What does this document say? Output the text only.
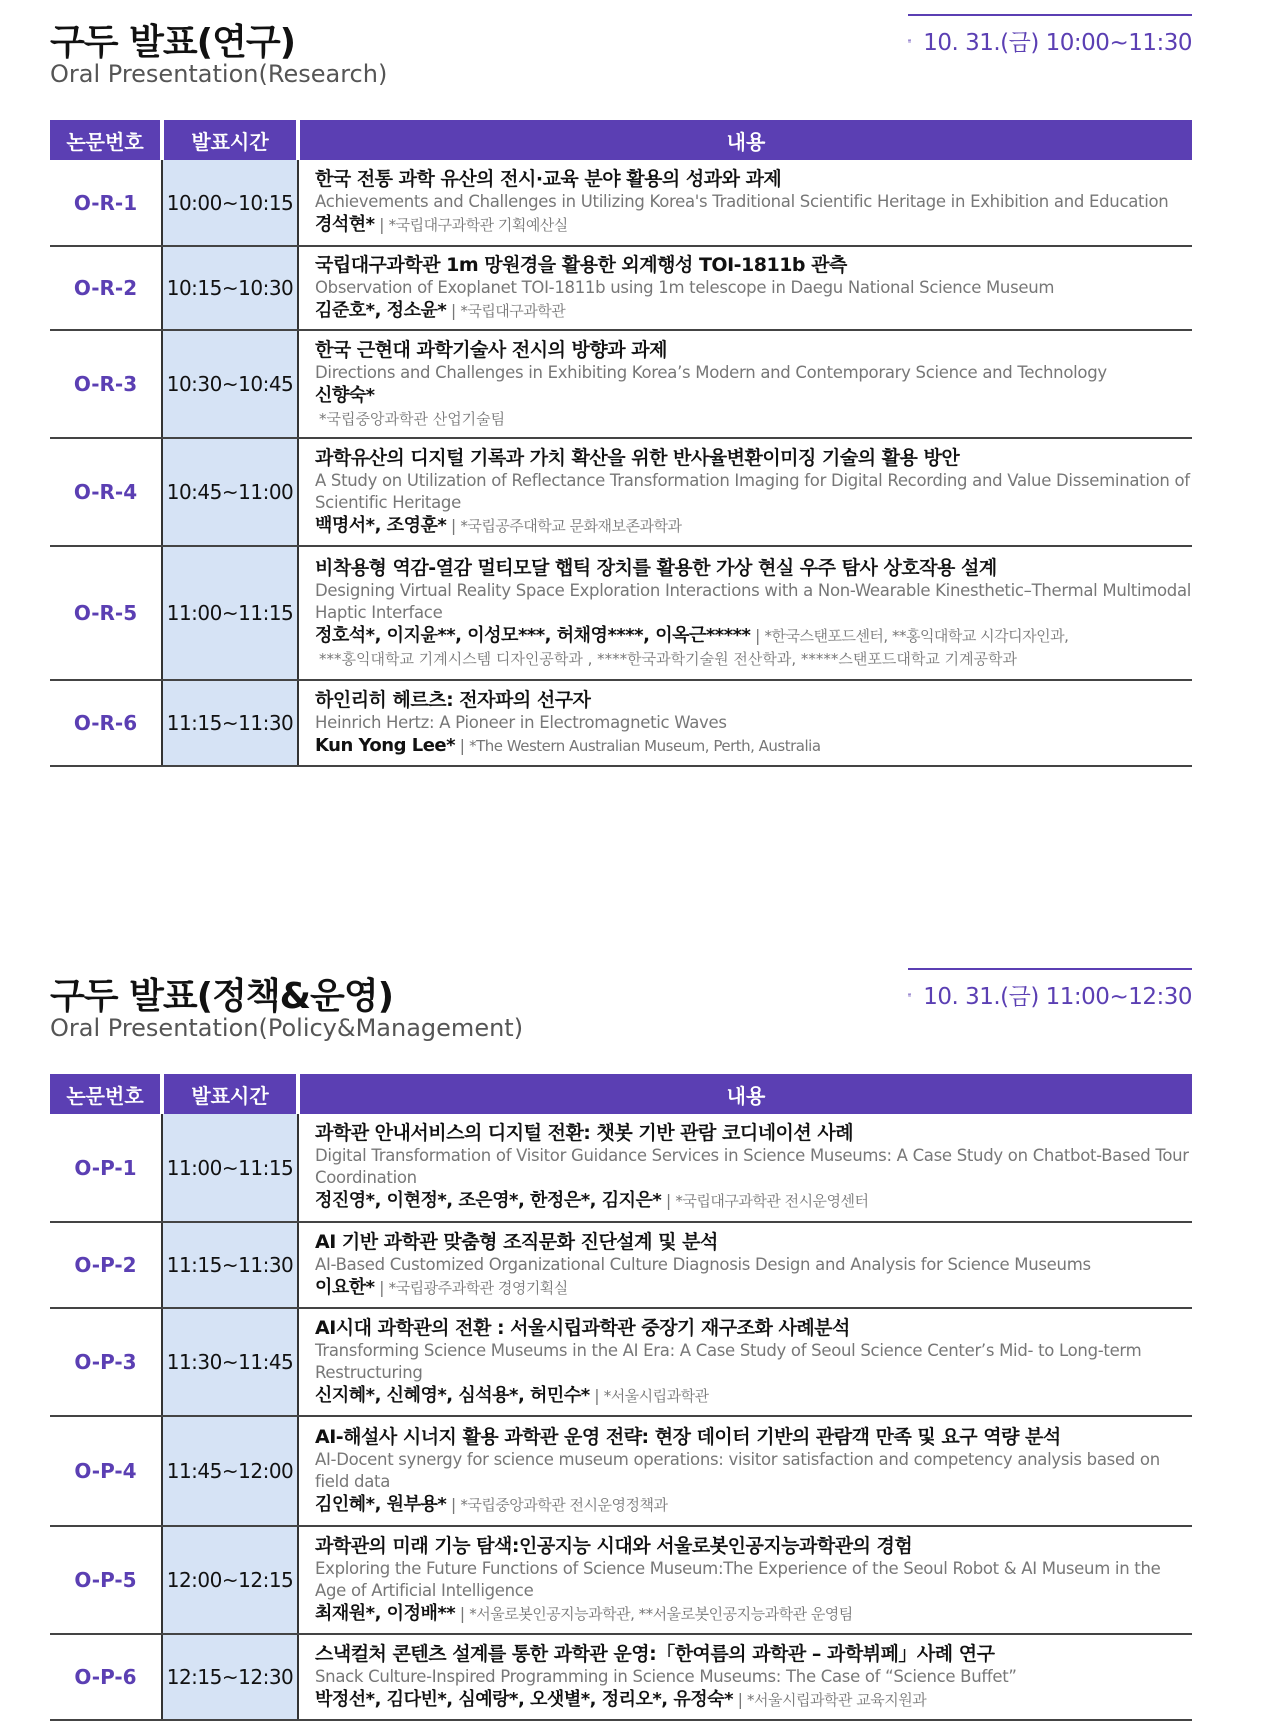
구두 발표(연구)
Oral Presentation(Research)
10. 31.(금) 10:00~11:30
논문번호	발표시간	내용
O-R-1	10:00~10:15	한국 전통 과학 유산의 전시·교육 분야 활용의 성과와 과제
Achievements and Challenges in Utilizing Korea's Traditional Scientific Heritage in Exhibition and Education
경석현* | *국립대구과학관 기획예산실

O-R-2	10:15~10:30	국립대구과학관 1m 망원경을 활용한 외계행성 TOI-1811b 관측
Observation of Exoplanet TOI-1811b using 1m telescope in Daegu National Science Museum
김준호*, 정소윤* | *국립대구과학관

O-R-3	10:30~10:45	한국 근현대 과학기술사 전시의 방향과 과제
Directions and Challenges in Exhibiting Korea’s Modern and Contemporary Science and Technology
신향숙*
*국립중앙과학관 산업기술팀

O-R-4	10:45~11:00	과학유산의 디지털 기록과 가치 확산을 위한 반사율변환이미징 기술의 활용 방안
A Study on Utilization of Reflectance Transformation Imaging for Digital Recording and Value Dissemination of Scientific Heritage
백명서*, 조영훈* | *국립공주대학교 문화재보존과학과

O-R-5	11:00~11:15	비착용형 역감-열감 멀티모달 햅틱 장치를 활용한 가상 현실 우주 탐사 상호작용 설계
Designing Virtual Reality Space Exploration Interactions with a Non-Wearable Kinesthetic–Thermal Multimodal Haptic Interface
정호석*, 이지윤**, 이성모***, 허채영****, 이옥근***** | *한국스탠포드센터, **홍익대학교 시각디자인과,
***홍익대학교 기계시스템 디자인공학과 , ****한국과학기술원 전산학과, *****스탠포드대학교 기계공학과

O-R-6	11:15~11:30	하인리히 헤르츠: 전자파의 선구자
Heinrich Hertz: A Pioneer in Electromagnetic Waves
Kun Yong Lee* | *The Western Australian Museum, Perth, Australia
구두 발표(정책&운영)
Oral Presentation(Policy&Management)
10. 31.(금) 11:00~12:30
논문번호	발표시간	내용
O-P-1	11:00~11:15	과학관 안내서비스의 디지털 전환: 챗봇 기반 관람 코디네이션 사례
Digital Transformation of Visitor Guidance Services in Science Museums: A Case Study on Chatbot-Based Tour Coordination
정진영*, 이현정*, 조은영*, 한정은*, 김지은* | *국립대구과학관 전시운영센터

O-P-2	11:15~11:30	AI 기반 과학관 맞춤형 조직문화 진단설계 및 분석
AI-Based Customized Organizational Culture Diagnosis Design and Analysis for Science Museums
이요한* | *국립광주과학관 경영기획실

O-P-3	11:30~11:45	AI시대 과학관의 전환 : 서울시립과학관 중장기 재구조화 사례분석
Transforming Science Museums in the AI Era: A Case Study of Seoul Science Center’s Mid- to Long-term Restructuring
신지혜*, 신혜영*, 심석용*, 허민수* | *서울시립과학관

O-P-4	11:45~12:00	AI-해설사 시너지 활용 과학관 운영 전략: 현장 데이터 기반의 관람객 만족 및 요구 역량 분석
AI-Docent synergy for science museum operations: visitor satisfaction and competency analysis based on field data
김인혜*, 원부용* | *국립중앙과학관 전시운영정책과

O-P-5	12:00~12:15	과학관의 미래 기능 탐색:인공지능 시대와 서울로봇인공지능과학관의 경험
Exploring the Future Functions of Science Museum:The Experience of the Seoul Robot & AI Museum in the Age of Artificial Intelligence
최재원*, 이정배** | *서울로봇인공지능과학관, **서울로봇인공지능과학관 운영팀

O-P-6	12:15~12:30	스낵컬처 콘텐츠 설계를 통한 과학관 운영:「한여름의 과학관 – 과학뷔페」사례 연구
Snack Culture-Inspired Programming in Science Museums: The Case of “Science Buffet”
박정선*, 김다빈*, 심예랑*, 오샛별*, 정리오*, 유정숙* | *서울시립과학관 교육지원과
